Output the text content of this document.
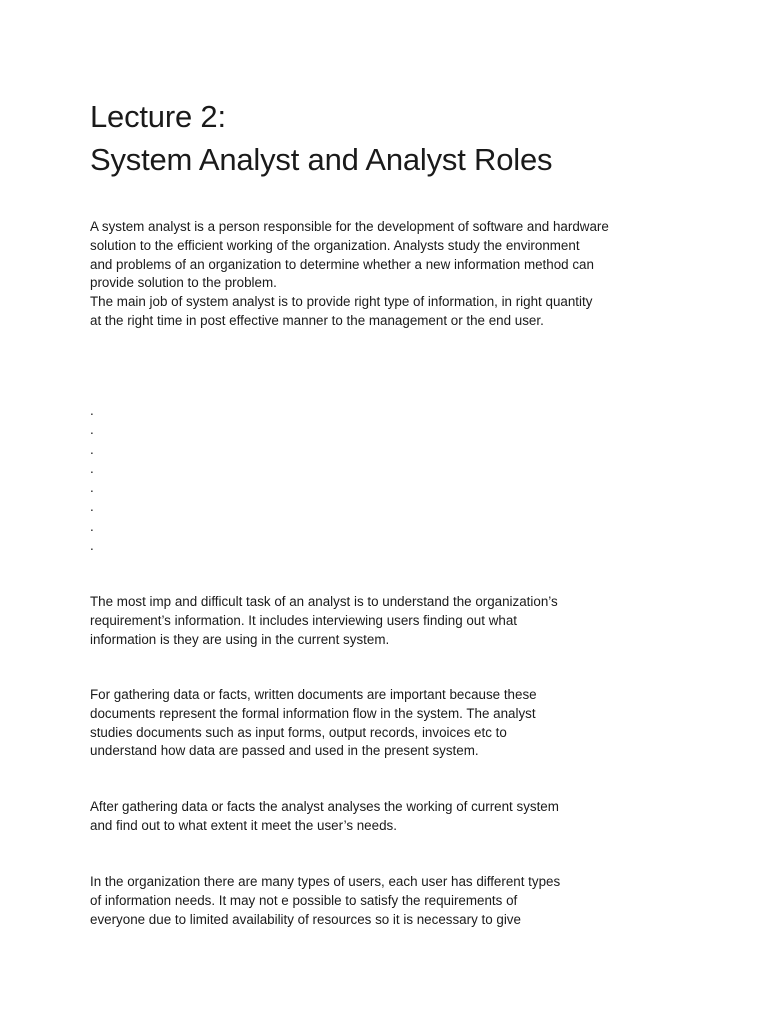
Lecture 2:
System Analyst and Analyst Roles

A system analyst is a person responsible for the development of software and hardware
solution to the efficient working of the organization. Analysts study the environment
and problems of an organization to determine whether a new information method can
provide solution to the problem.
The main job of system analyst is to provide right type of information, in right quantity
at the right time in post effective manner to the management or the end user.

.
.
.
.
.
.
.
.

The most imp and difficult task of an analyst is to understand the organization’s
requirement’s information. It includes interviewing users finding out what
information is they are using in the current system.

For gathering data or facts, written documents are important because these
documents represent the formal information flow in the system. The analyst
studies documents such as input forms, output records, invoices etc to
understand how data are passed and used in the present system.

After gathering data or facts the analyst analyses the working of current system
and find out to what extent it meet the user’s needs.

In the organization there are many types of users, each user has different types
of information needs. It may not e possible to satisfy the requirements of
everyone due to limited availability of resources so it is necessary to give
